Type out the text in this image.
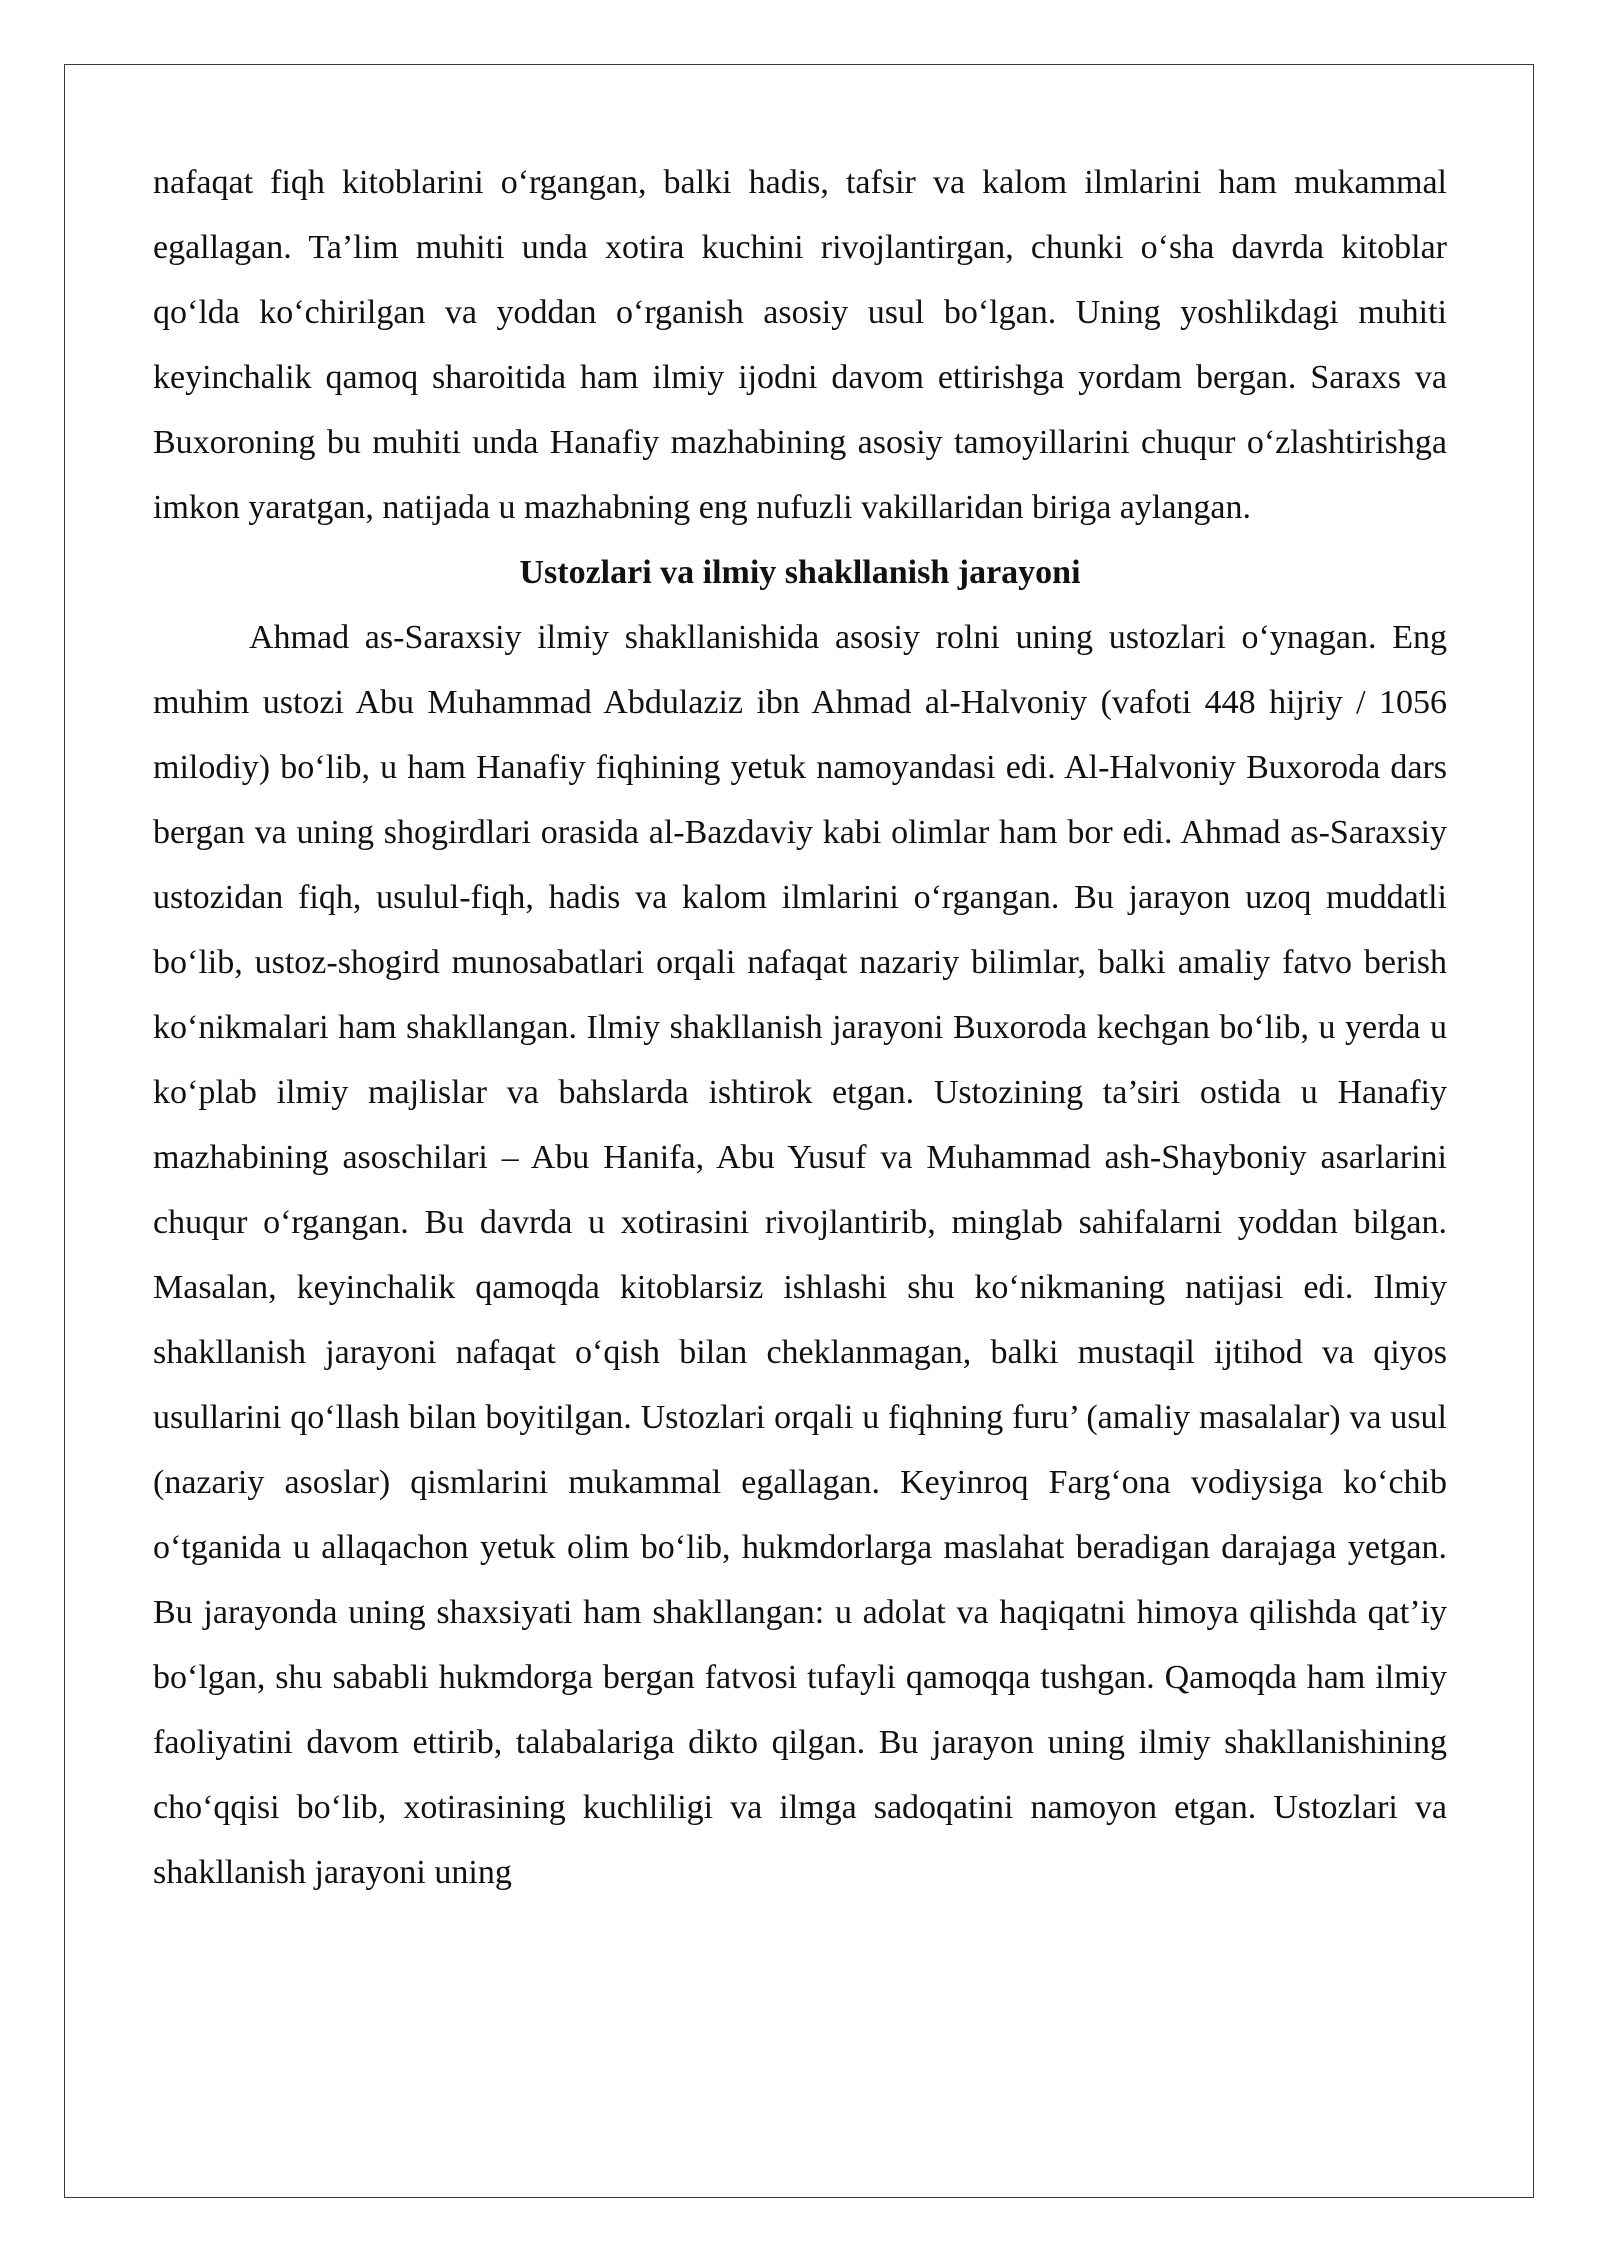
nafaqat fiqh kitoblarini o‘rgangan, balki hadis, tafsir va kalom ilmlarini ham mukammal egallagan. Ta’lim muhiti unda xotira kuchini rivojlantirgan, chunki o‘sha davrda kitoblar qo‘lda ko‘chirilgan va yoddan o‘rganish asosiy usul bo‘lgan. Uning yoshlikdagi muhiti keyinchalik qamoq sharoitida ham ilmiy ijodni davom ettirishga yordam bergan. Saraxs va Buxoroning bu muhiti unda Hanafiy mazhabining asosiy tamoyillarini chuqur o‘zlashtirishga imkon yaratgan, natijada u mazhabning eng nufuzli vakillaridan biriga aylangan.

Ustozlari va ilmiy shakllanish jarayoni

Ahmad as-Saraxsiy ilmiy shakllanishida asosiy rolni uning ustozlari o‘ynagan. Eng muhim ustozi Abu Muhammad Abdulaziz ibn Ahmad al-Halvoniy (vafoti 448 hijriy / 1056 milodiy) bo‘lib, u ham Hanafiy fiqhining yetuk namoyandasi edi. Al-Halvoniy Buxoroda dars bergan va uning shogirdlari orasida al-Bazdaviy kabi olimlar ham bor edi. Ahmad as-Saraxsiy ustozidan fiqh, usulul-fiqh, hadis va kalom ilmlarini o‘rgangan. Bu jarayon uzoq muddatli bo‘lib, ustoz-shogird munosabatlari orqali nafaqat nazariy bilimlar, balki amaliy fatvo berish ko‘nikmalari ham shakllangan. Ilmiy shakllanish jarayoni Buxoroda kechgan bo‘lib, u yerda u ko‘plab ilmiy majlislar va bahslarda ishtirok etgan. Ustozining ta’siri ostida u Hanafiy mazhabining asoschilari – Abu Hanifa, Abu Yusuf va Muhammad ash-Shayboniy asarlarini chuqur o‘rgangan. Bu davrda u xotirasini rivojlantirib, minglab sahifalarni yoddan bilgan. Masalan, keyinchalik qamoqda kitoblarsiz ishlashi shu ko‘nikmaning natijasi edi. Ilmiy shakllanish jarayoni nafaqat o‘qish bilan cheklanmagan, balki mustaqil ijtihod va qiyos usullarini qo‘llash bilan boyitilgan. Ustozlari orqali u fiqhning furu’ (amaliy masalalar) va usul (nazariy asoslar) qismlarini mukammal egallagan. Keyinroq Farg‘ona vodiysiga ko‘chib o‘tganida u allaqachon yetuk olim bo‘lib, hukmdorlarga maslahat beradigan darajaga yetgan. Bu jarayonda uning shaxsiyati ham shakllangan: u adolat va haqiqatni himoya qilishda qat’iy bo‘lgan, shu sababli hukmdorga bergan fatvosi tufayli qamoqqa tushgan. Qamoqda ham ilmiy faoliyatini davom ettirib, talabalariga dikto qilgan. Bu jarayon uning ilmiy shakllanishining cho‘qqisi bo‘lib, xotirasining kuchliligi va ilmga sadoqatini namoyon etgan. Ustozlari va shakllanish jarayoni uning
